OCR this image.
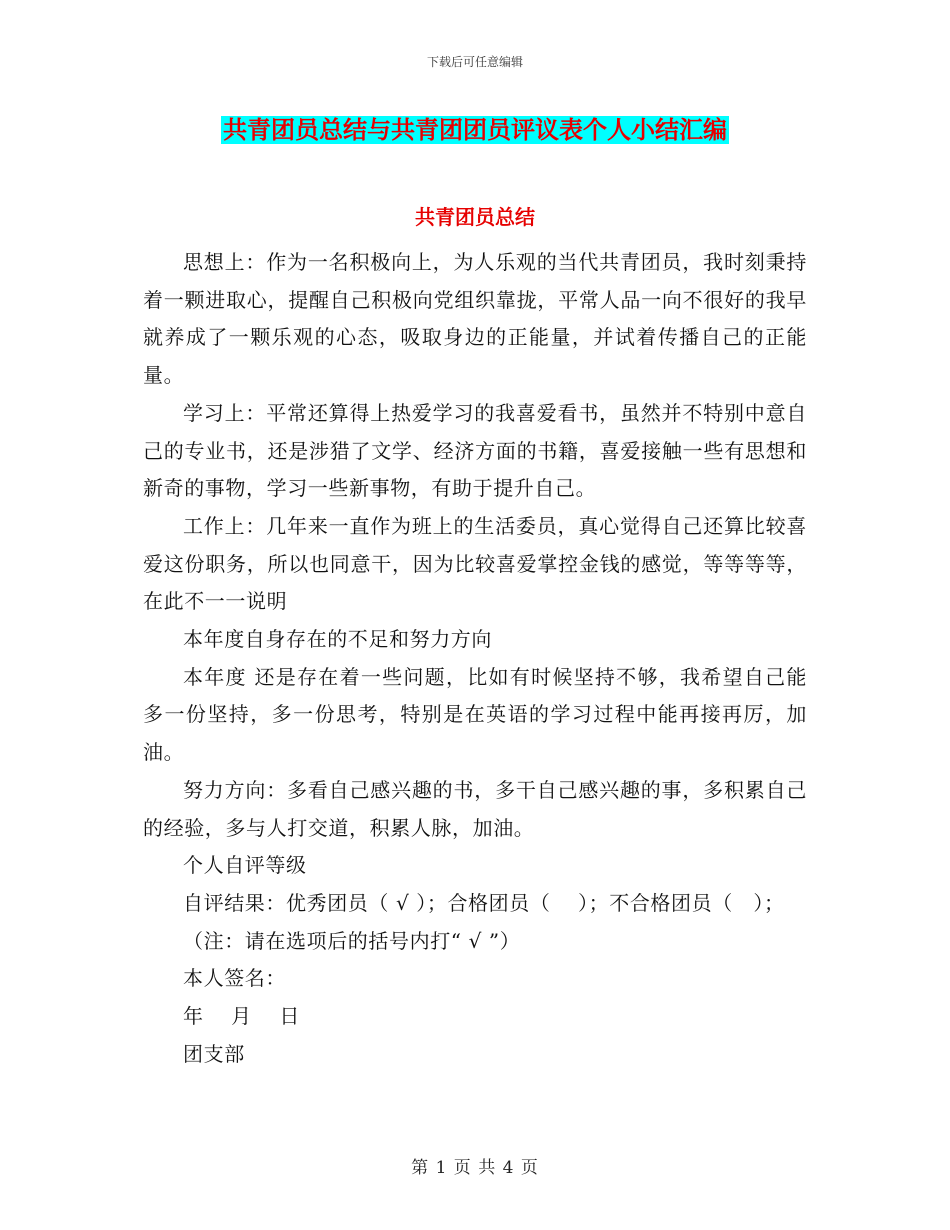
下载后可任意编辑
共青团员总结与共青团团员评议表个人小结汇编
共青团员总结

思想上：作为一名积极向上，为人乐观的当代共青团员，我时刻秉持着一颗进取心，提醒自己积极向党组织靠拢，平常人品一向不很好的我早就养成了一颗乐观的心态，吸取身边的正能量，并试着传播自己的正能量。

学习上：平常还算得上热爱学习的我喜爱看书，虽然并不特别中意自己的专业书，还是涉猎了文学、经济方面的书籍，喜爱接触一些有思想和新奇的事物，学习一些新事物，有助于提升自己。

工作上：几年来一直作为班上的生活委员，真心觉得自己还算比较喜爱这份职务，所以也同意干，因为比较喜爱掌控金钱的感觉，等等等等，在此不一一说明

本年度自身存在的不足和努力方向

本年度 还是存在着一些问题，比如有时候坚持不够，我希望自己能多一份坚持，多一份思考，特别是在英语的学习过程中能再接再厉，加油。

努力方向：多看自己感兴趣的书，多干自己感兴趣的事，多积累自己的经验，多与人打交道，积累人脉，加油。

个人自评等级

自评结果：优秀团员（ √ ）；合格团员（　 ）；不合格团员（　）；

（注：请在选项后的括号内打“ √ ”）

本人签名：

年　 月　 日

团支部

第 1 页 共 4 页
